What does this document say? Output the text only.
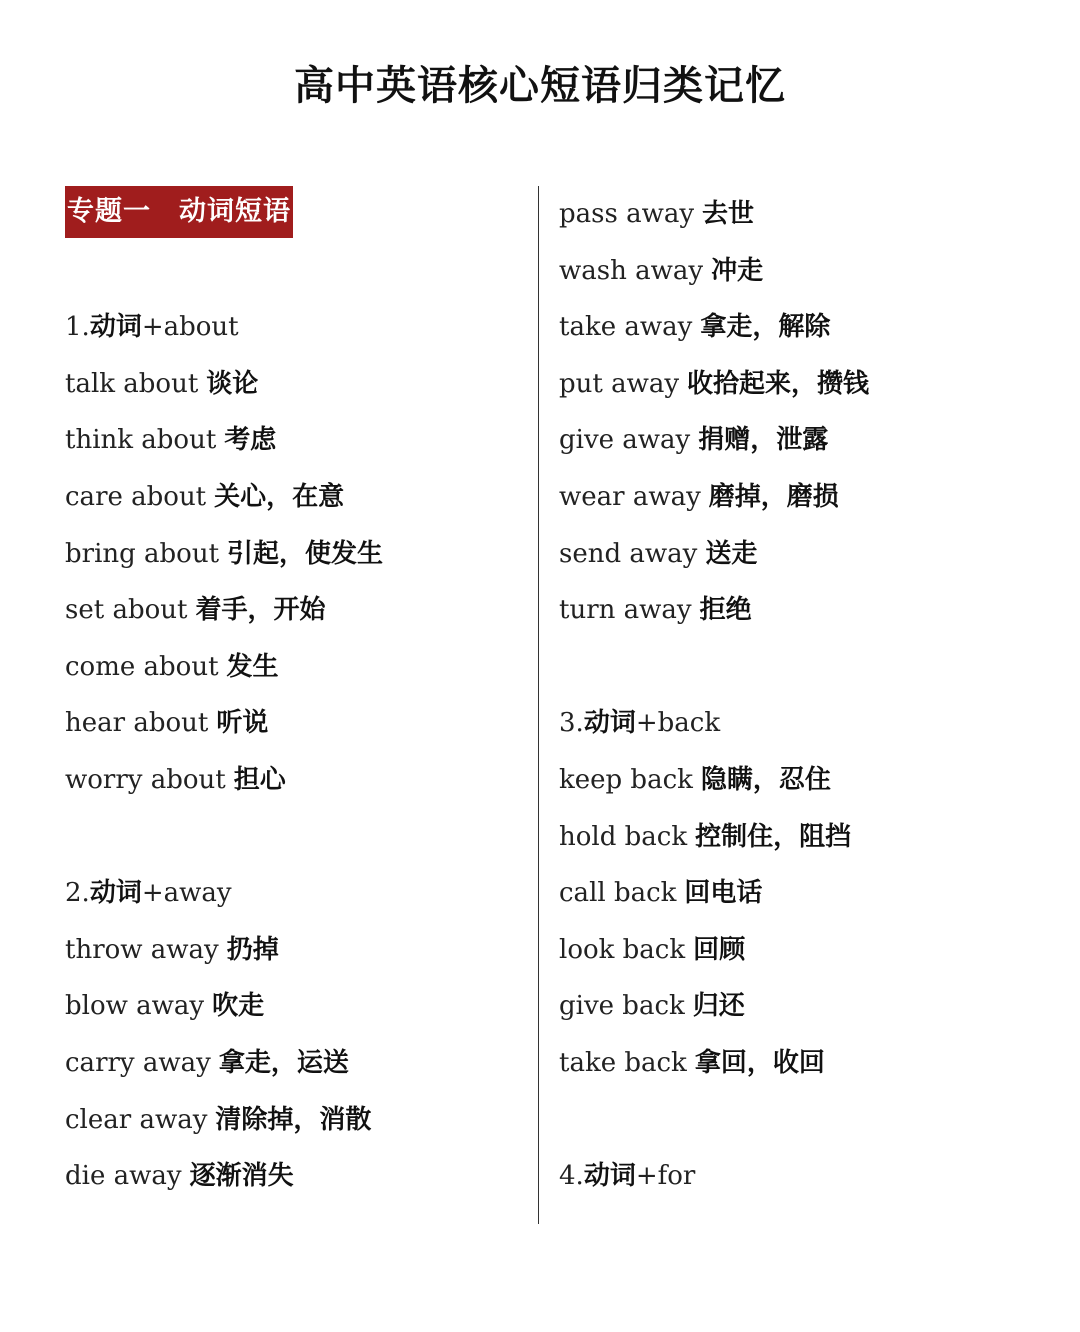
高中英语核心短语归类记忆
专题一　动词短语
1.动词+about
talk about 谈论
think about 考虑
care about 关心，在意
bring about 引起，使发生
set about 着手，开始
come about 发生
hear about 听说
worry about 担心
2.动词+away
throw away 扔掉
blow away 吹走
carry away 拿走，运送
clear away 清除掉，消散
die away 逐渐消失
pass away 去世
wash away 冲走
take away 拿走，解除
put away 收拾起来，攒钱
give away 捐赠，泄露
wear away 磨掉，磨损
send away 送走
turn away 拒绝
3.动词+back
keep back 隐瞒，忍住
hold back 控制住，阻挡
call back 回电话
look back 回顾
give back 归还
take back 拿回，收回
4.动词+for
